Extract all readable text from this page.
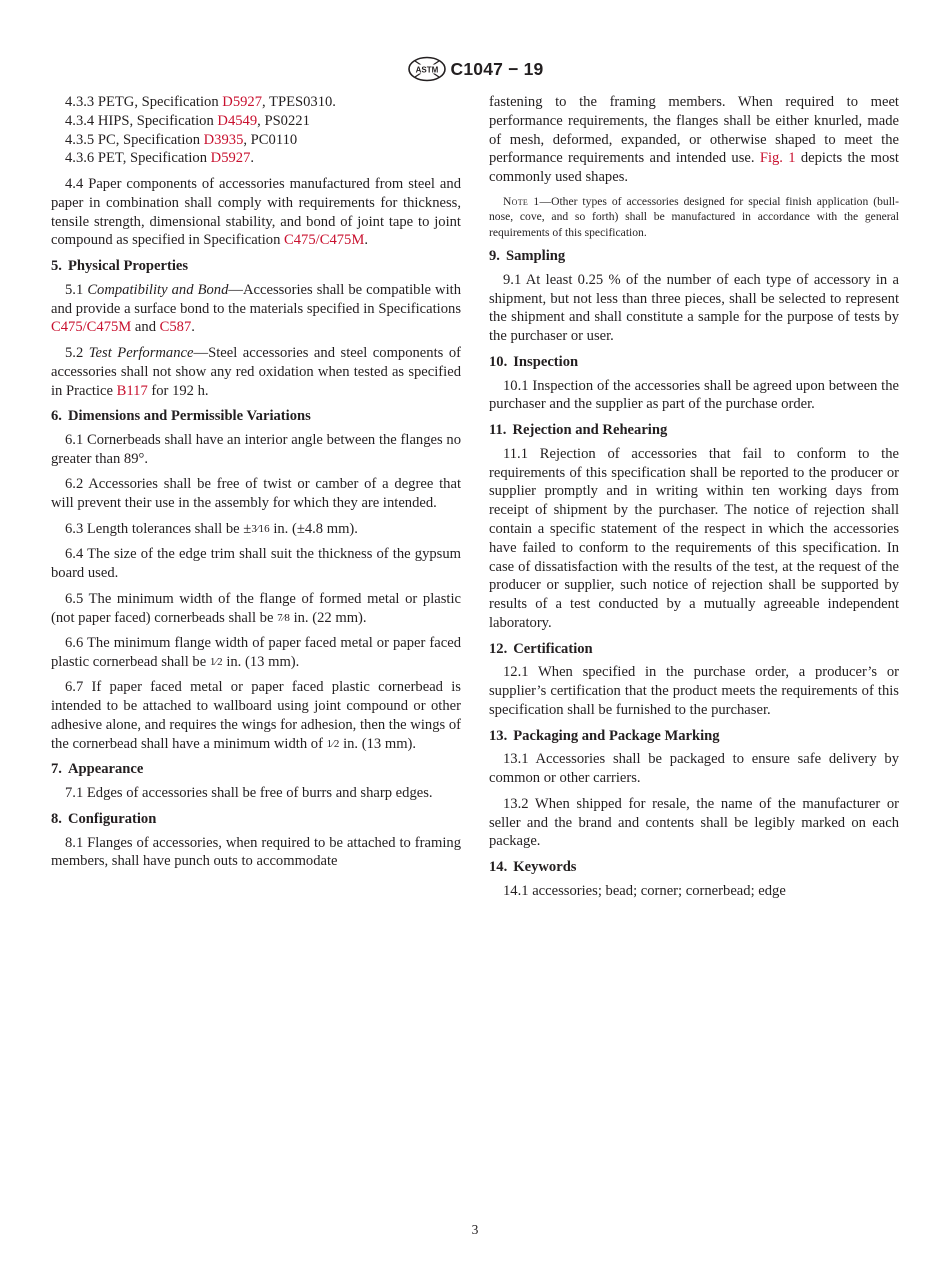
ASTM C1047 − 19

4.3.3 PETG, Specification D5927, TPES0310.

4.3.4 HIPS, Specification D4549, PS0221

4.3.5 PC, Specification D3935, PC0110

4.3.6 PET, Specification D5927.

4.4 Paper components of accessories manufactured from steel and paper in combination shall comply with requirements for thickness, tensile strength, dimensional stability, and bond of joint tape to joint compound as specified in Specification C475/C475M.

5. Physical Properties

5.1 Compatibility and Bond—Accessories shall be compatible with and provide a surface bond to the materials specified in Specifications C475/C475M and C587.

5.2 Test Performance—Steel accessories and steel components of accessories shall not show any red oxidation when tested as specified in Practice B117 for 192 h.

6. Dimensions and Permissible Variations

6.1 Cornerbeads shall have an interior angle between the flanges no greater than 89°.

6.2 Accessories shall be free of twist or camber of a degree that will prevent their use in the assembly for which they are intended.

6.3 Length tolerances shall be ±3⁄16 in. (±4.8 mm).

6.4 The size of the edge trim shall suit the thickness of the gypsum board used.

6.5 The minimum width of the flange of formed metal or plastic (not paper faced) cornerbeads shall be 7⁄8 in. (22 mm).

6.6 The minimum flange width of paper faced metal or paper faced plastic cornerbead shall be 1⁄2 in. (13 mm).

6.7 If paper faced metal or paper faced plastic cornerbead is intended to be attached to wallboard using joint compound or other adhesive alone, and requires the wings for adhesion, then the wings of the cornerbead shall have a minimum width of 1⁄2 in. (13 mm).

7. Appearance

7.1 Edges of accessories shall be free of burrs and sharp edges.

8. Configuration

8.1 Flanges of accessories, when required to be attached to framing members, shall have punch outs to accommodate

fastening to the framing members. When required to meet performance requirements, the flanges shall be either knurled, made of mesh, deformed, expanded, or otherwise shaped to meet the performance requirements and intended use. Fig. 1 depicts the most commonly used shapes.

Note 1—Other types of accessories designed for special finish application (bull-nose, cove, and so forth) shall be manufactured in accordance with the general requirements of this specification.

9. Sampling

9.1 At least 0.25 % of the number of each type of accessory in a shipment, but not less than three pieces, shall be selected to represent the shipment and shall constitute a sample for the purpose of tests by the purchaser or user.

10. Inspection

10.1 Inspection of the accessories shall be agreed upon between the purchaser and the supplier as part of the purchase order.

11. Rejection and Rehearing

11.1 Rejection of accessories that fail to conform to the requirements of this specification shall be reported to the producer or supplier promptly and in writing within ten working days from receipt of shipment by the purchaser. The notice of rejection shall contain a specific statement of the respect in which the accessories have failed to conform to the requirements of this specification. In case of dissatisfaction with the results of the test, at the request of the producer or supplier, such notice of rejection shall be supported by results of a test conducted by a mutually agreeable independent laboratory.

12. Certification

12.1 When specified in the purchase order, a producer’s or supplier’s certification that the product meets the requirements of this specification shall be furnished to the purchaser.

13. Packaging and Package Marking

13.1 Accessories shall be packaged to ensure safe delivery by common or other carriers.

13.2 When shipped for resale, the name of the manufacturer or seller and the brand and contents shall be legibly marked on each package.

14. Keywords

14.1 accessories; bead; corner; cornerbead; edge

3
